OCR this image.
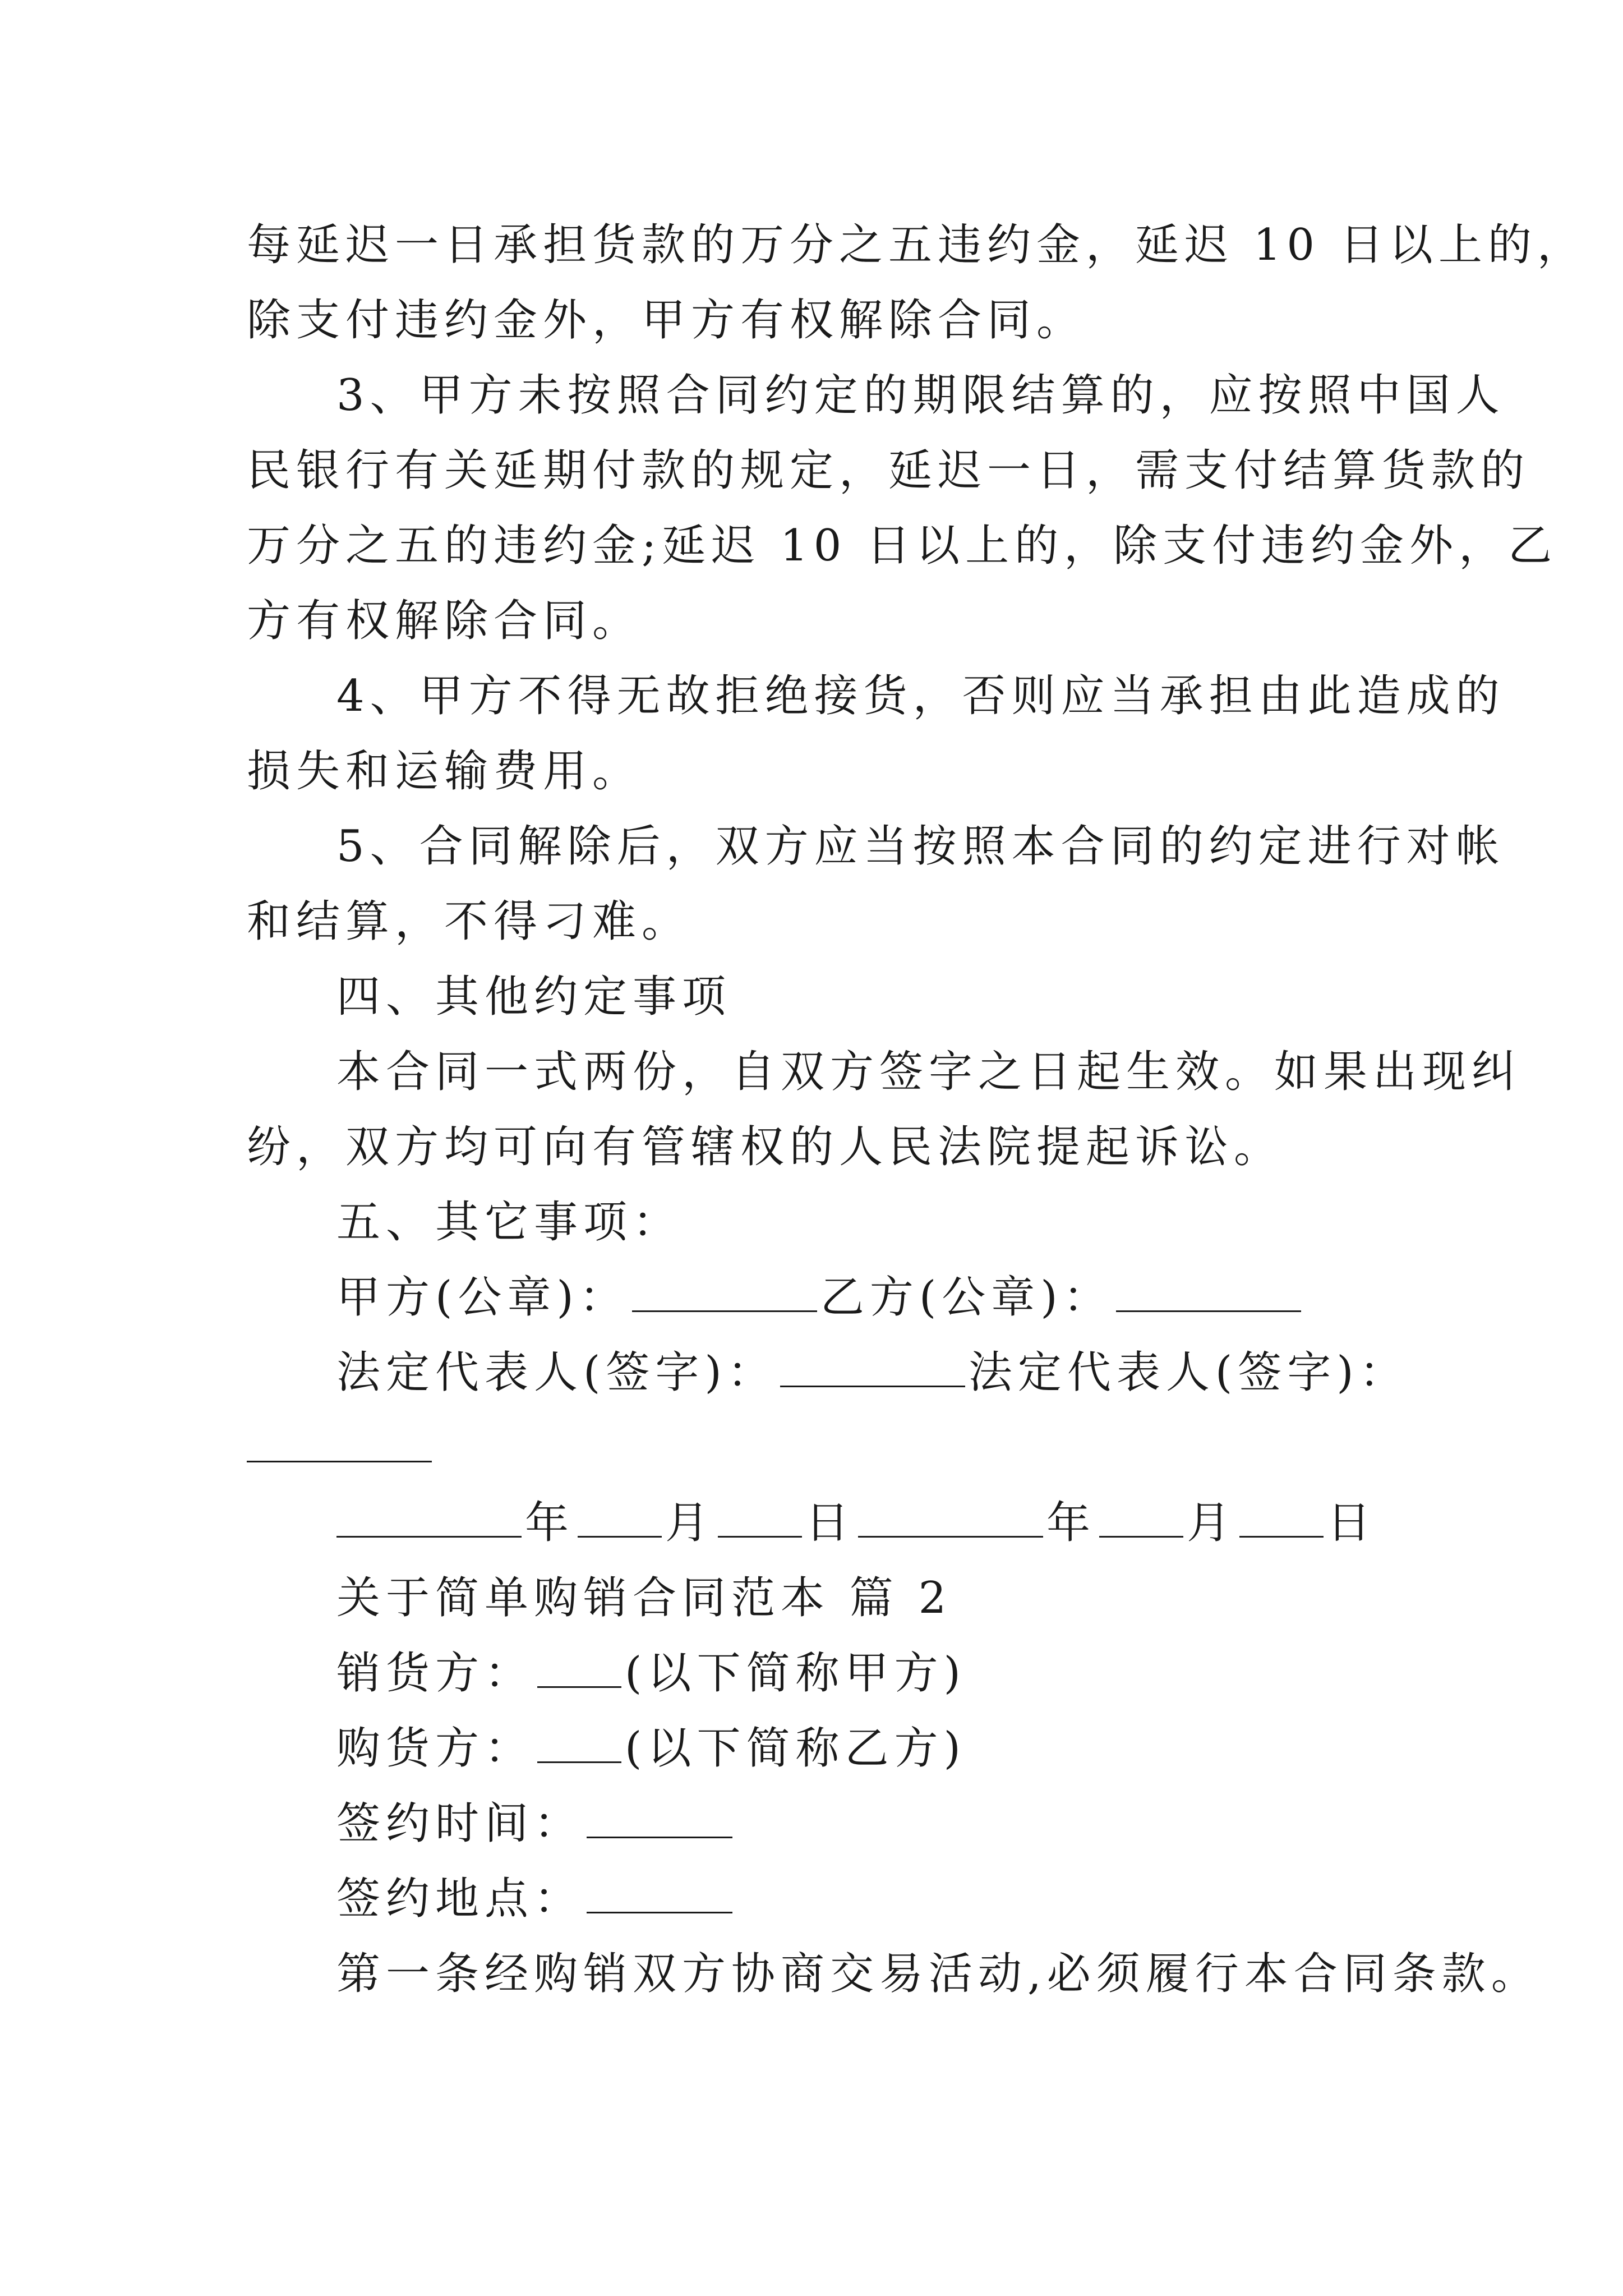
每延迟一日承担货款的万分之五违约金，延迟 10 日以上的，
除支付违约金外，甲方有权解除合同。
3、甲方未按照合同约定的期限结算的，应按照中国人
民银行有关延期付款的规定，延迟一日，需支付结算货款的
万分之五的违约金;延迟 10 日以上的，除支付违约金外，乙
方有权解除合同。
4、甲方不得无故拒绝接货，否则应当承担由此造成的
损失和运输费用。
5、合同解除后，双方应当按照本合同的约定进行对帐
和结算，不得刁难。
四、其他约定事项
本合同一式两份，自双方签字之日起生效。如果出现纠
纷，双方均可向有管辖权的人民法院提起诉讼。
五、其它事项：
甲方(公章)：	乙方(公章)：
法定代表人(签字)：	法定代表人(签字)：
年 月 日	年 月 日
关于简单购销合同范本 篇 2
销货方： (以下简称甲方)
购货方： (以下简称乙方)
签约时间：
签约地点：
第一条经购销双方协商交易活动,必须履行本合同条款。
